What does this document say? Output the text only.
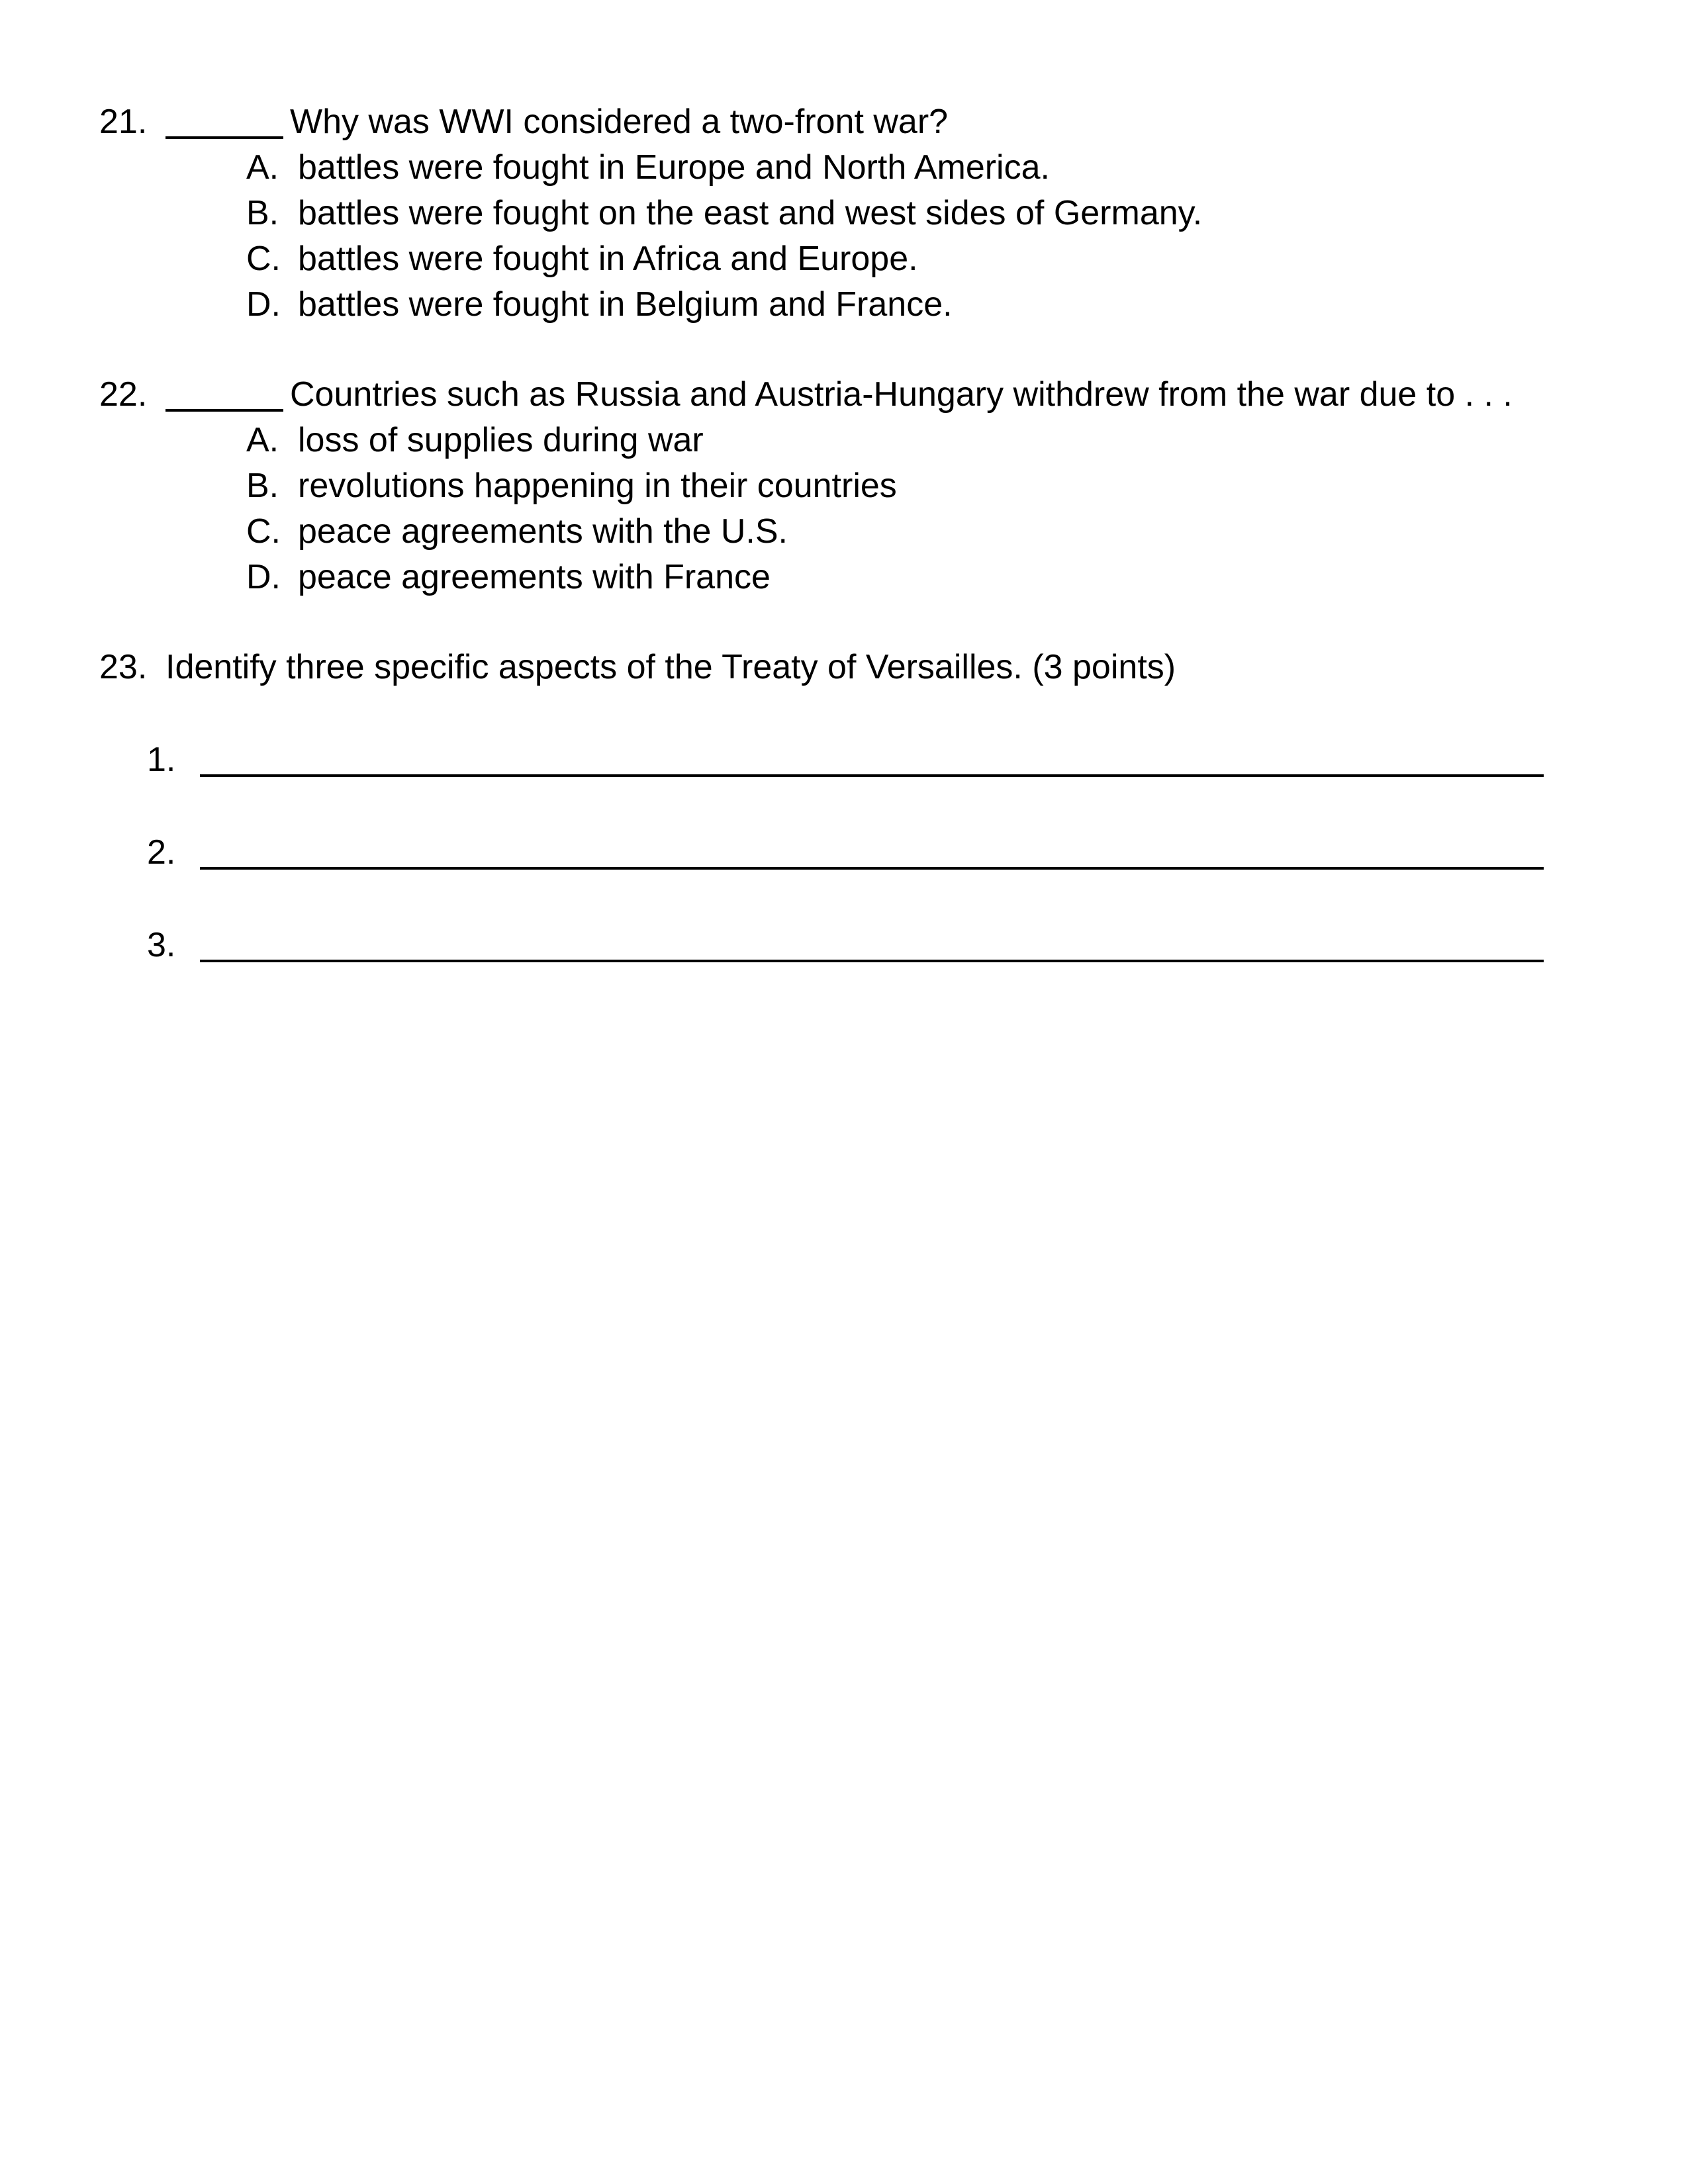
21.	Why was WWI considered a two-front war?
A. battles were fought in Europe and North America.
B. battles were fought on the east and west sides of Germany.
C. battles were fought in Africa and Europe.
D. battles were fought in Belgium and France.
22.	Countries such as Russia and Austria-Hungary withdrew from the war due to . . .
A. loss of supplies during war
B. revolutions happening in their countries
C. peace agreements with the U.S.
D. peace agreements with France
23. Identify three specific aspects of the Treaty of Versailles. (3 points)
1.
2.
3.
